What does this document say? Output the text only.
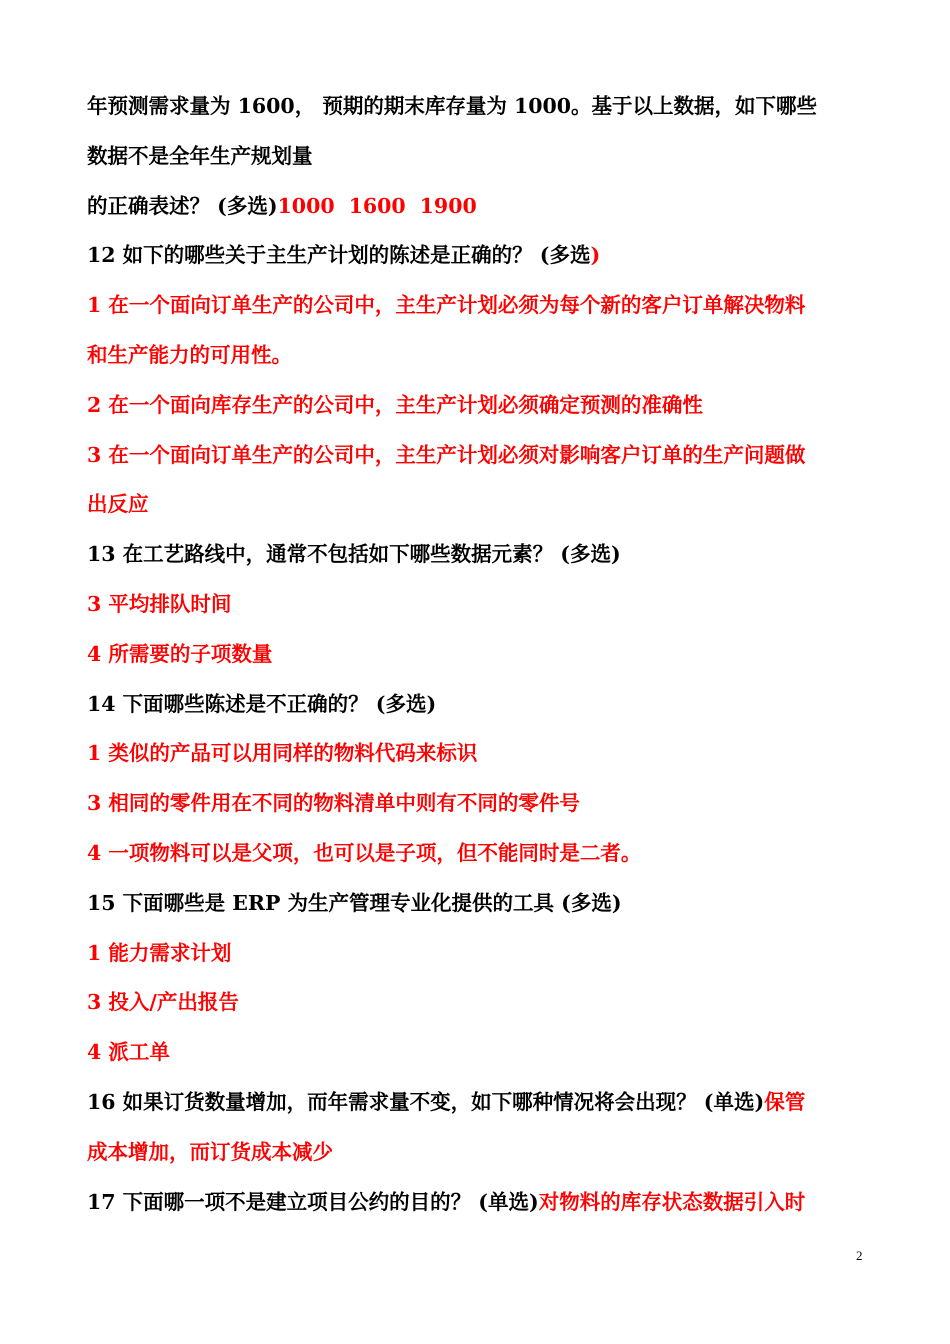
年预测需求量为 1600， 预期的期末库存量为 1000。基于以上数据，如下哪些
数据不是全年生产规划量
的正确表述？ (多选)1000 1600 1900
12 如下的哪些关于主生产计划的陈述是正确的？ (多选)
1 在一个面向订单生产的公司中，主生产计划必须为每个新的客户订单解决物料
和生产能力的可用性。
2 在一个面向库存生产的公司中，主生产计划必须确定预测的准确性
3 在一个面向订单生产的公司中，主生产计划必须对影响客户订单的生产问题做
出反应
13 在工艺路线中，通常不包括如下哪些数据元素？ (多选)
3 平均排队时间
4 所需要的子项数量
14 下面哪些陈述是不正确的？ (多选)
1 类似的产品可以用同样的物料代码来标识
3 相同的零件用在不同的物料清单中则有不同的零件号
4 一项物料可以是父项，也可以是子项，但不能同时是二者。
15 下面哪些是 ERP 为生产管理专业化提供的工具 (多选)
1 能力需求计划
3 投入/产出报告
4 派工单
16 如果订货数量增加，而年需求量不变，如下哪种情况将会出现？ (单选)保管
成本增加，而订货成本减少
17 下面哪一项不是建立项目公约的目的？ (单选)对物料的库存状态数据引入时
2
